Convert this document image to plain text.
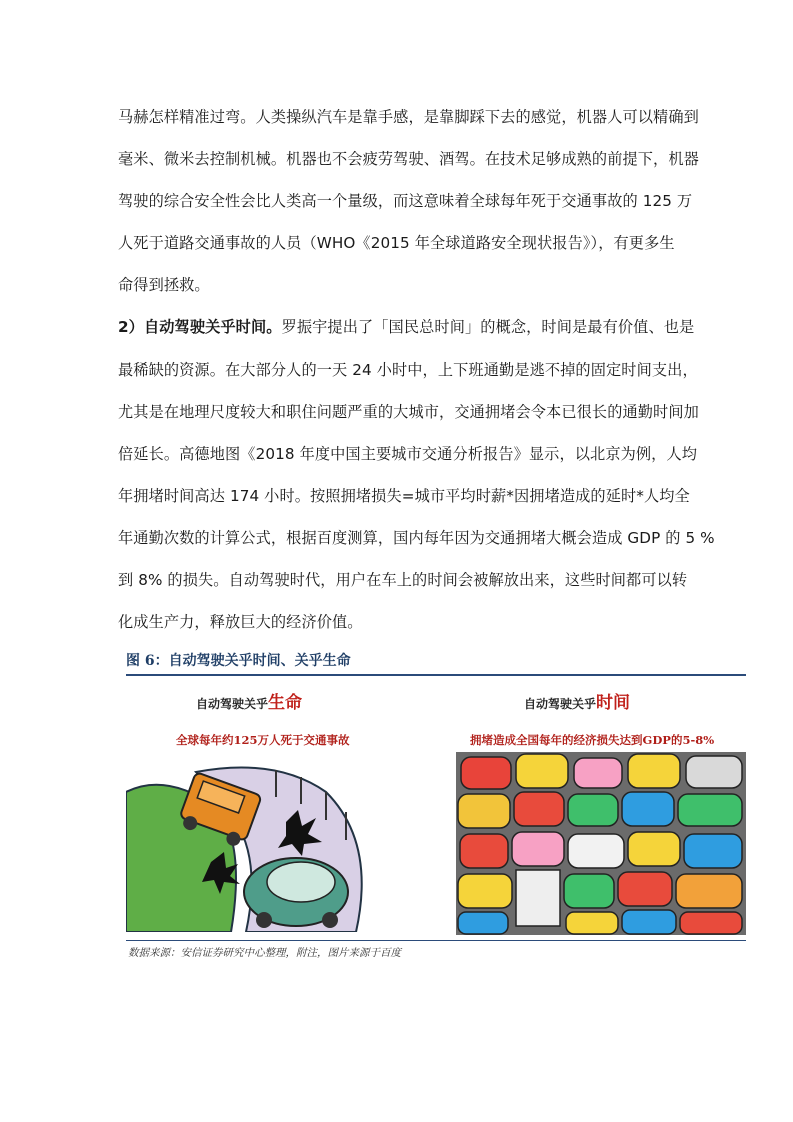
马赫怎样精准过弯。人类操纵汽车是靠手感，是靠脚踩下去的感觉，机器人可以精确到
毫米、微米去控制机械。机器也不会疲劳驾驶、酒驾。在技术足够成熟的前提下，机器
驾驶的综合安全性会比人类高一个量级，而这意味着全球每年死于交通事故的 125 万
人死于道路交通事故的人员（WHO《2015 年全球道路安全现状报告》），有更多生
命得到拯救。
2）自动驾驶关乎时间。罗振宇提出了「国民总时间」的概念，时间是最有价值、也是
最稀缺的资源。在大部分人的一天 24 小时中，上下班通勤是逃不掉的固定时间支出，
尤其是在地理尺度较大和职住问题严重的大城市，交通拥堵会令本已很长的通勤时间加
倍延长。高德地图《2018 年度中国主要城市交通分析报告》显示，以北京为例，人均
年拥堵时间高达 174 小时。按照拥堵损失=城市平均时薪*因拥堵造成的延时*人均全
年通勤次数的计算公式，根据百度测算，国内每年因为交通拥堵大概会造成 GDP 的 5 %
到 8% 的损失。自动驾驶时代，用户在车上的时间会被解放出来，这些时间都可以转
化成生产力，释放巨大的经济价值。
图 6：自动驾驶关乎时间、关乎生命
自动驾驶关乎生命
全球每年约125万人死于交通事故
自动驾驶关乎时间
拥堵造成全国每年的经济损失达到GDP的5-8%
数据来源：安信证券研究中心整理，附注，图片来源于百度
